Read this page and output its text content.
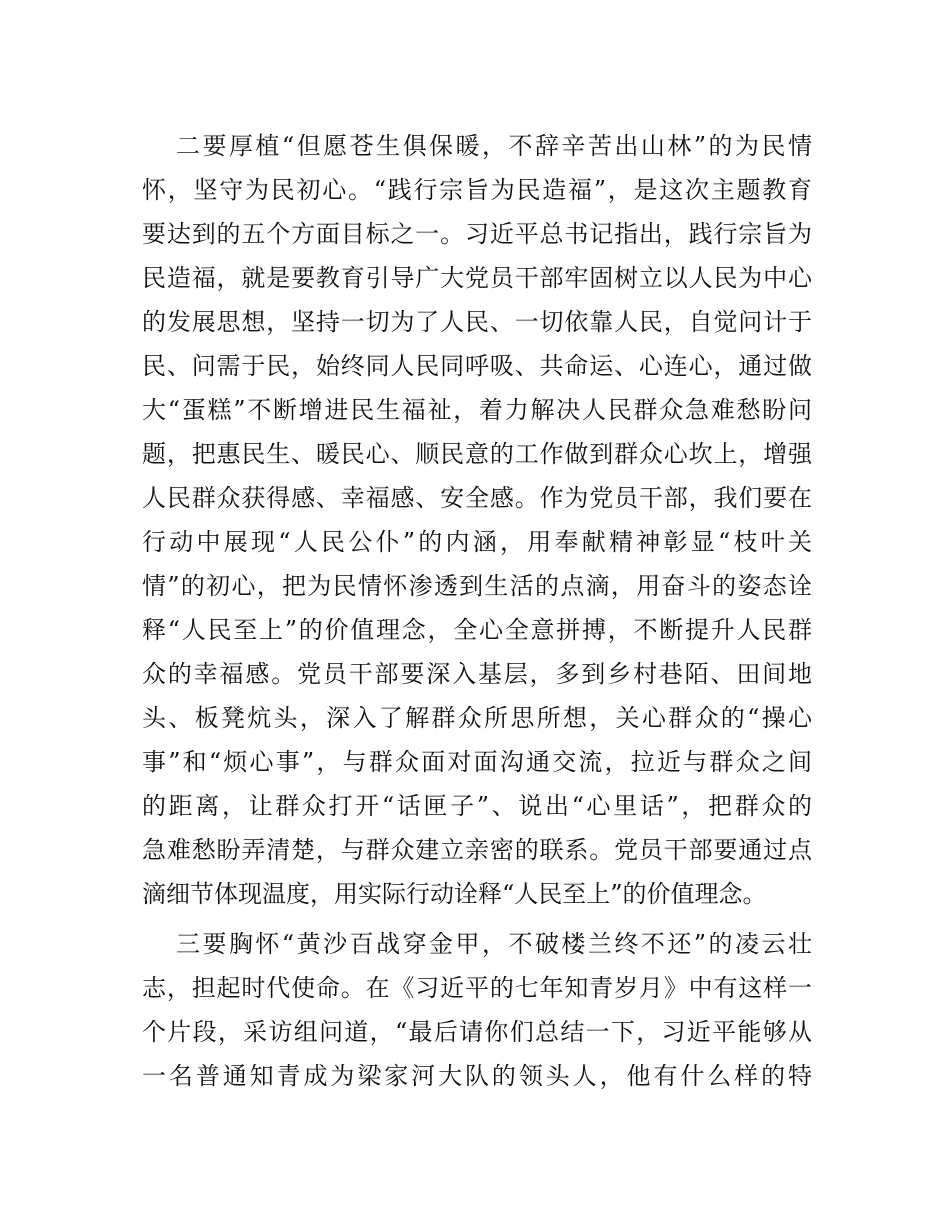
二要厚植“但愿苍生俱保暖，不辞辛苦出山林”的为民情
怀，坚守为民初心。“践行宗旨为民造福”，是这次主题教育
要达到的五个方面目标之一。习近平总书记指出，践行宗旨为
民造福，就是要教育引导广大党员干部牢固树立以人民为中心
的发展思想，坚持一切为了人民、一切依靠人民，自觉问计于
民、问需于民，始终同人民同呼吸、共命运、心连心，通过做
大“蛋糕”不断增进民生福祉，着力解决人民群众急难愁盼问
题，把惠民生、暖民心、顺民意的工作做到群众心坎上，增强
人民群众获得感、幸福感、安全感。作为党员干部，我们要在
行动中展现“人民公仆”的内涵，用奉献精神彰显“枝叶关
情”的初心，把为民情怀渗透到生活的点滴，用奋斗的姿态诠
释“人民至上”的价值理念，全心全意拼搏，不断提升人民群
众的幸福感。党员干部要深入基层，多到乡村巷陌、田间地
头、板凳炕头，深入了解群众所思所想，关心群众的“操心
事”和“烦心事”，与群众面对面沟通交流，拉近与群众之间
的距离，让群众打开“话匣子”、说出“心里话”，把群众的
急难愁盼弄清楚，与群众建立亲密的联系。党员干部要通过点
滴细节体现温度，用实际行动诠释“人民至上”的价值理念。
三要胸怀“黄沙百战穿金甲，不破楼兰终不还”的凌云壮
志，担起时代使命。在《习近平的七年知青岁月》中有这样一
个片段，采访组问道，“最后请你们总结一下，习近平能够从
一名普通知青成为梁家河大队的领头人，他有什么样的特
